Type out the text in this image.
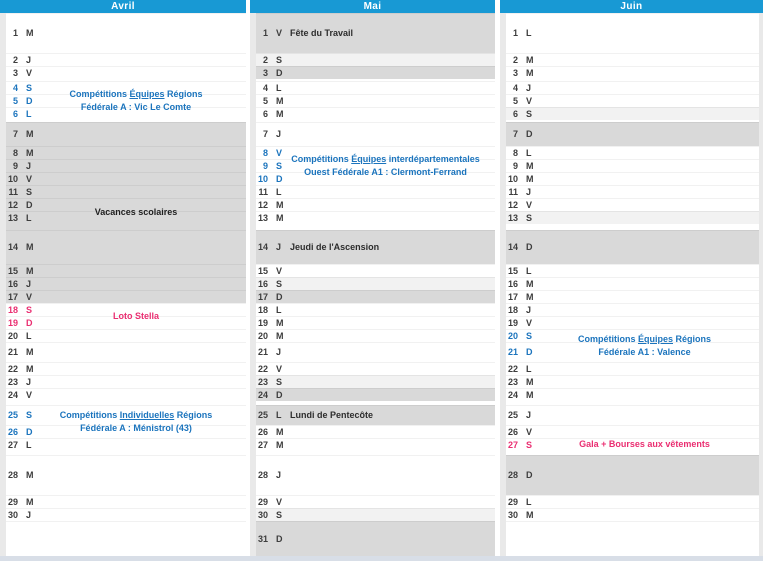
Avril
1 M
2 J
3 V
4 S
5 D
6 L
7 M
8 M
9 J
10 V
11 S
12 D
13 L
14 M
15 M
16 J
17 V
18 S
19 D
20 L
21 M
22 M
23 J
24 V
25 S
26 D
27 L
28 M
29 M
30 J
Compétitions Équipes Régions
Fédérale A : Vic Le Comte
Vacances scolaires
Loto Stella
Compétitions Individuelles Régions
Fédérale A : Ménistrol (43)
Mai
1 V Fête du Travail
2 S
3 D
4 L
5 M
6 M
7 J
8 V
9 S
10 D
11 L
12 M
13 M
14 J Jeudi de l'Ascension
15 V
16 S
17 D
18 L
19 M
20 M
21 J
22 V
23 S
24 D
25 L Lundi de Pentecôte
26 M
27 M
28 J
29 V
30 S
31 D
Compétitions Équipes interdépartementales
Ouest Fédérale A1 : Clermont-Ferrand
Juin
1 L
2 M
3 M
4 J
5 V
6 S
7 D
8 L
9 M
10 M
11 J
12 V
13 S
14 D
15 L
16 M
17 M
18 J
19 V
20 S
21 D
22 L
23 M
24 M
25 J
26 V
27 S
28 D
29 L
30 M
Compétitions Équipes Régions
Fédérale A1 : Valence
Gala + Bourses aux vêtements
